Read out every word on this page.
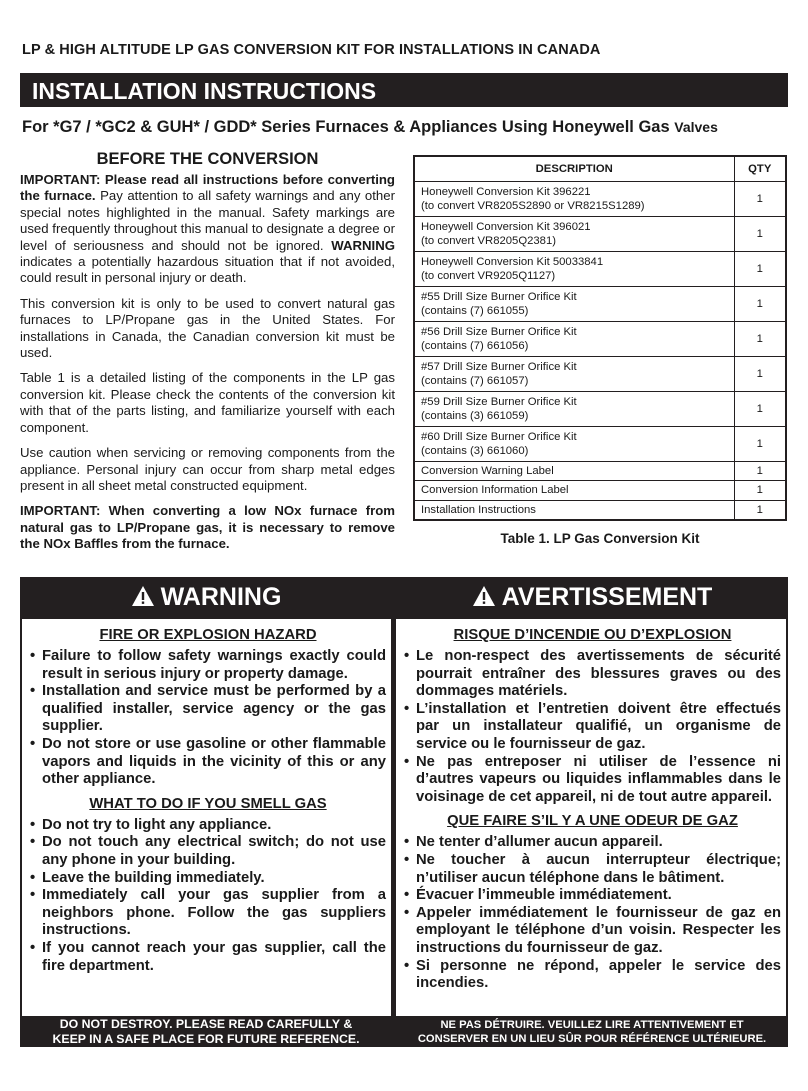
LP & HIGH ALTITUDE LP GAS CONVERSION KIT FOR INSTALLATIONS IN CANADA
INSTALLATION INSTRUCTIONS
For *G7 / *GC2 & GUH* / GDD* Series Furnaces & Appliances Using Honeywell Gas Valves
BEFORE THE CONVERSION

IMPORTANT: Please read all instructions before converting the furnace. Pay attention to all safety warnings and any other special notes highlighted in the manual. Safety markings are used frequently throughout this manual to designate a degree or level of seriousness and should not be ignored. WARNING indicates a potentially hazardous situation that if not avoided, could result in personal injury or death.

This conversion kit is only to be used to convert natural gas furnaces to LP/Propane gas in the United States. For installations in Canada, the Canadian conversion kit must be used.

Table 1 is a detailed listing of the components in the LP gas conversion kit. Please check the contents of the conversion kit with that of the parts listing, and familiarize yourself with each component.

Use caution when servicing or removing components from the appliance. Personal injury can occur from sharp metal edges present in all sheet metal constructed equipment.

IMPORTANT: When converting a low NOx furnace from natural gas to LP/Propane gas, it is necessary to remove the NOx Baffles from the furnace.

DESCRIPTION	QTY

Honeywell Conversion Kit 396221
(to convert VR8205S2890 or VR8215S1289)	1

Honeywell Conversion Kit 396021
(to convert VR8205Q2381)	1

Honeywell Conversion Kit 50033841
(to convert VR9205Q1127)	1

#55 Drill Size Burner Orifice Kit
(contains (7) 661055)	1

#56 Drill Size Burner Orifice Kit
(contains (7) 661056)	1

#57 Drill Size Burner Orifice Kit
(contains (7) 661057)	1

#59 Drill Size Burner Orifice Kit
(contains (3) 661059)	1

#60 Drill Size Burner Orifice Kit
(contains (3) 661060)	1

Conversion Warning Label	1

Conversion Information Label	1

Installation Instructions	1
Table 1. LP Gas Conversion Kit
WARNING	AVERTISSEMENT
FIRE OR EXPLOSION HAZARD
• Failure to follow safety warnings exactly could result in serious injury or property damage.
• Installation and service must be performed by a qualified installer, service agency or the gas supplier.
• Do not store or use gasoline or other flammable vapors and liquids in the vicinity of this or any other appliance.
WHAT TO DO IF YOU SMELL GAS
• Do not try to light any appliance.
• Do not touch any electrical switch; do not use any phone in your building.
• Leave the building immediately.
• Immediately call your gas supplier from a neighbors phone. Follow the gas suppliers instructions.
• If you cannot reach your gas supplier, call the fire department.
RISQUE D’INCENDIE OU D’EXPLOSION
• Le non-respect des avertissements de sécurité pourrait entraîner des blessures graves ou des dommages matériels.
• L’installation et l’entretien doivent être effectués par un installateur qualifié, un organisme de service ou le fournisseur de gaz.
• Ne pas entreposer ni utiliser de l’essence ni d’autres vapeurs ou liquides inflammables dans le voisinage de cet appareil, ni de tout autre appareil.
QUE FAIRE S’IL Y A UNE ODEUR DE GAZ
• Ne tenter d’allumer aucun appareil.
• Ne toucher à aucun interrupteur électrique; n’utiliser aucun téléphone dans le bâtiment.
• Évacuer l’immeuble immédiatement.
• Appeler immédiatement le fournisseur de gaz en employant le téléphone d’un voisin. Respecter les instructions du fournisseur de gaz.
• Si personne ne répond, appeler le service des incendies.
DO NOT DESTROY. PLEASE READ CAREFULLY &
KEEP IN A SAFE PLACE FOR FUTURE REFERENCE.
NE PAS DÉTRUIRE. VEUILLEZ LIRE ATTENTIVEMENT ET
CONSERVER EN UN LIEU SÛR POUR RÉFÉRENCE ULTÉRIEURE.
